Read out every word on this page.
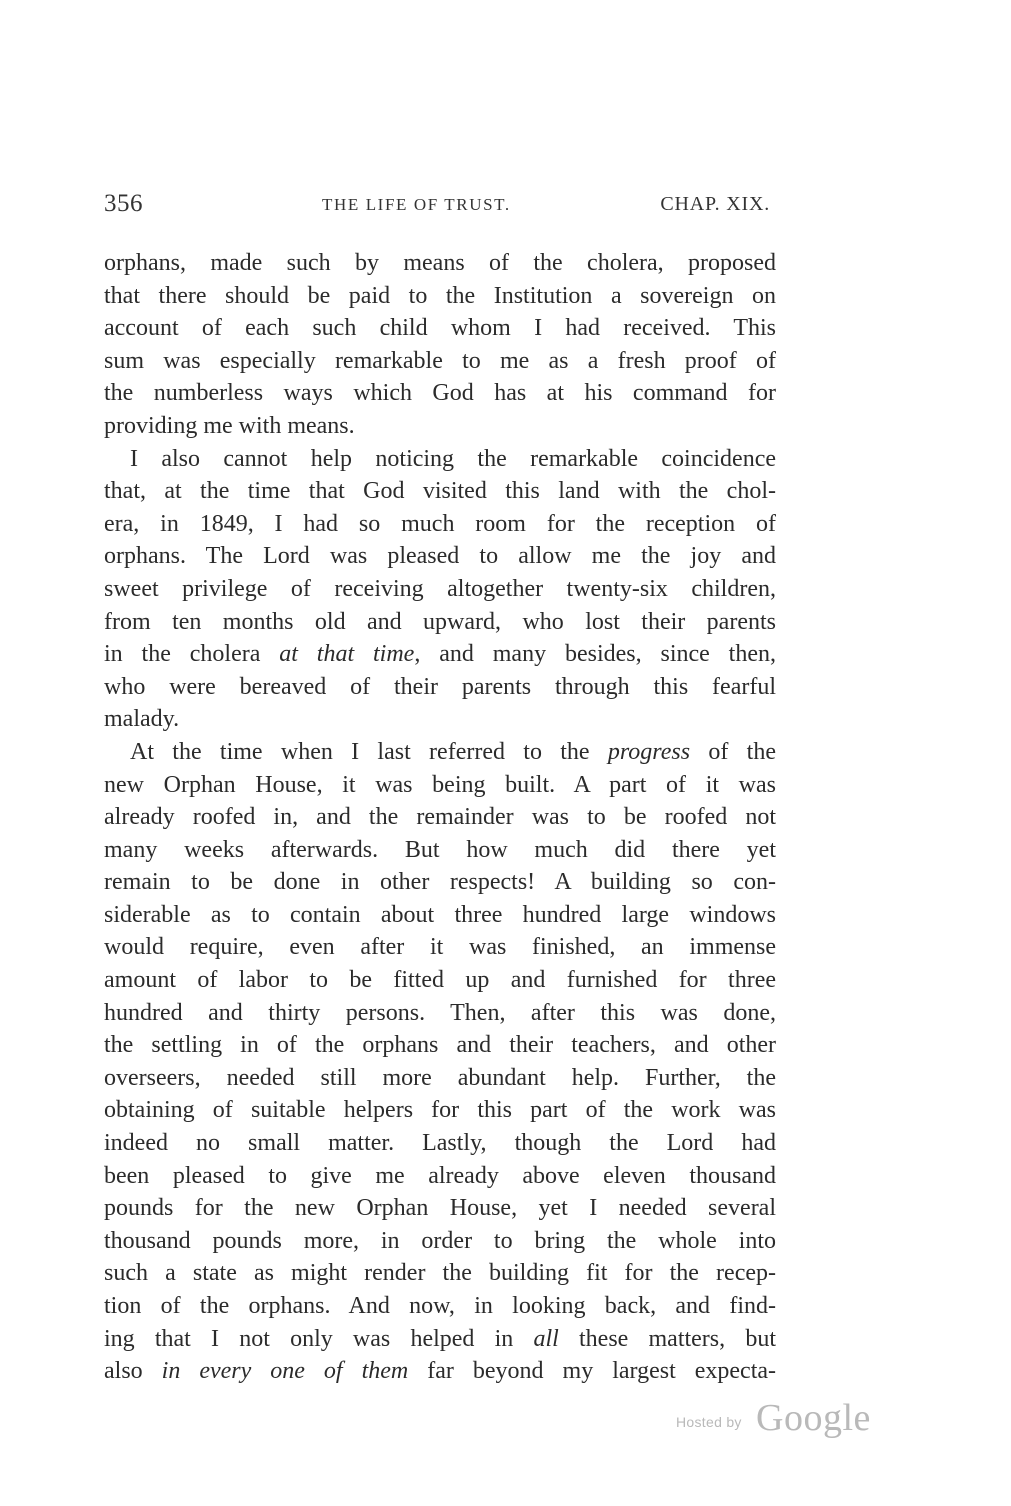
356	THE LIFE OF TRUST.	CHAP. XIX.
orphans, made such by means of the cholera, proposed
that there should be paid to the Institution a sovereign on
account of each such child whom I had received. This
sum was especially remarkable to me as a fresh proof of
the numberless ways which God has at his command for
providing me with means.
I also cannot help noticing the remarkable coincidence
that, at the time that God visited this land with the chol-
era, in 1849, I had so much room for the reception of
orphans. The Lord was pleased to allow me the joy and
sweet privilege of receiving altogether twenty-six children,
from ten months old and upward, who lost their parents
in the cholera at that time, and many besides, since then,
who were bereaved of their parents through this fearful
malady.
At the time when I last referred to the progress of the
new Orphan House, it was being built. A part of it was
already roofed in, and the remainder was to be roofed not
many weeks afterwards. But how much did there yet
remain to be done in other respects! A building so con-
siderable as to contain about three hundred large windows
would require, even after it was finished, an immense
amount of labor to be fitted up and furnished for three
hundred and thirty persons. Then, after this was done,
the settling in of the orphans and their teachers, and other
overseers, needed still more abundant help. Further, the
obtaining of suitable helpers for this part of the work was
indeed no small matter. Lastly, though the Lord had
been pleased to give me already above eleven thousand
pounds for the new Orphan House, yet I needed several
thousand pounds more, in order to bring the whole into
such a state as might render the building fit for the recep-
tion of the orphans. And now, in looking back, and find-
ing that I not only was helped in all these matters, but
also in every one of them far beyond my largest expecta-
Hosted by Google
